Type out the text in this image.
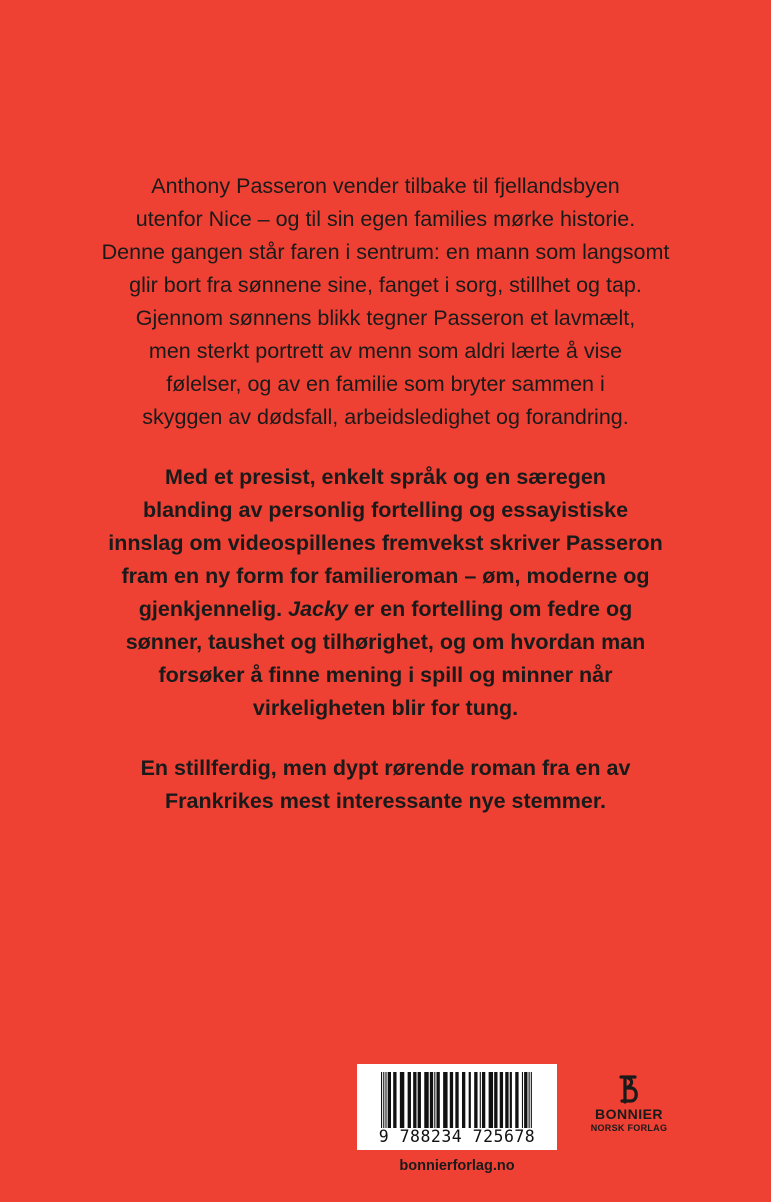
Anthony Passeron vender tilbake til fjellandsbyen
utenfor Nice – og til sin egen families mørke historie.
Denne gangen står faren i sentrum: en mann som langsomt
glir bort fra sønnene sine, fanget i sorg, stillhet og tap.
Gjennom sønnens blikk tegner Passeron et lavmælt,
men sterkt portrett av menn som aldri lærte å vise
følelser, og av en familie som bryter sammen i
skyggen av dødsfall, arbeidsledighet og forandring.

Med et presist, enkelt språk og en særegen
blanding av personlig fortelling og essayistiske
innslag om videospillenes fremvekst skriver Passeron
fram en ny form for familieroman – øm, moderne og
gjenkjennelig. Jacky er en fortelling om fedre og
sønner, taushet og tilhørighet, og om hvordan man
forsøker å finne mening i spill og minner når
virkeligheten blir for tung.

En stillferdig, men dypt rørende roman fra en av
Frankrikes mest interessante nye stemmer.

9 788234 725678
bonnierforlag.no
BONNIER
NORSK FORLAG
